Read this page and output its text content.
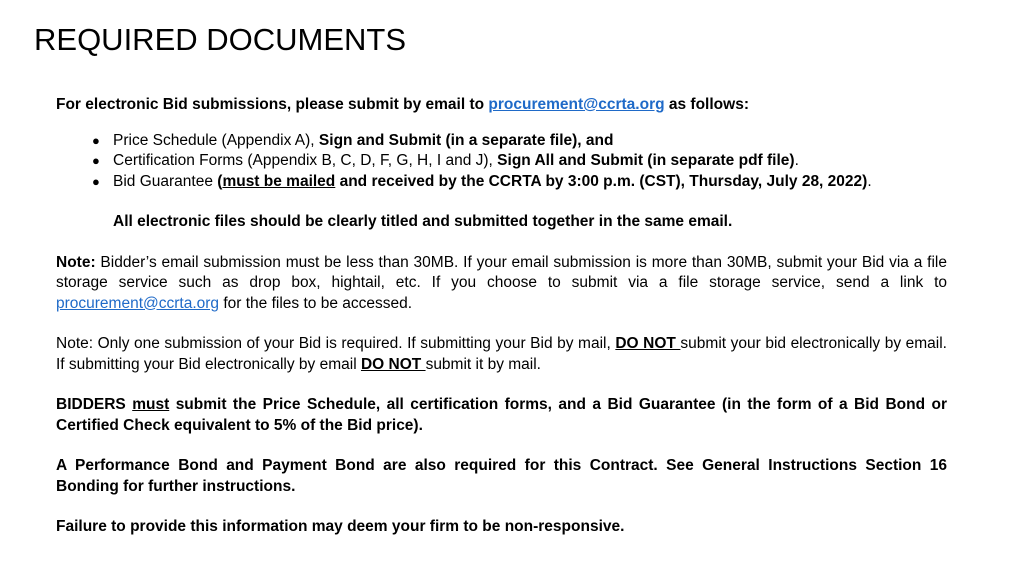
REQUIRED DOCUMENTS

For electronic Bid submissions, please submit by email to procurement@ccrta.org as follows:

● Price Schedule (Appendix A), Sign and Submit (in a separate file), and
● Certification Forms (Appendix B, C, D, F, G, H, I and J), Sign All and Submit (in separate pdf file).
● Bid Guarantee (must be mailed and received by the CCRTA by 3:00 p.m. (CST), Thursday, July 28, 2022).

All electronic files should be clearly titled and submitted together in the same email.

Note: Bidder’s email submission must be less than 30MB. If your email submission is more than 30MB, submit your Bid via a file storage service such as drop box, hightail, etc. If you choose to submit via a file storage service, send a link to procurement@ccrta.org for the files to be accessed.

Note: Only one submission of your Bid is required. If submitting your Bid by mail, DO NOT submit your bid electronically by email. If submitting your Bid electronically by email DO NOT submit it by mail.

BIDDERS must submit the Price Schedule, all certification forms, and a Bid Guarantee (in the form of a Bid Bond or Certified Check equivalent to 5% of the Bid price).

A Performance Bond and Payment Bond are also required for this Contract. See General Instructions Section 16 Bonding for further instructions.

Failure to provide this information may deem your firm to be non-responsive.
